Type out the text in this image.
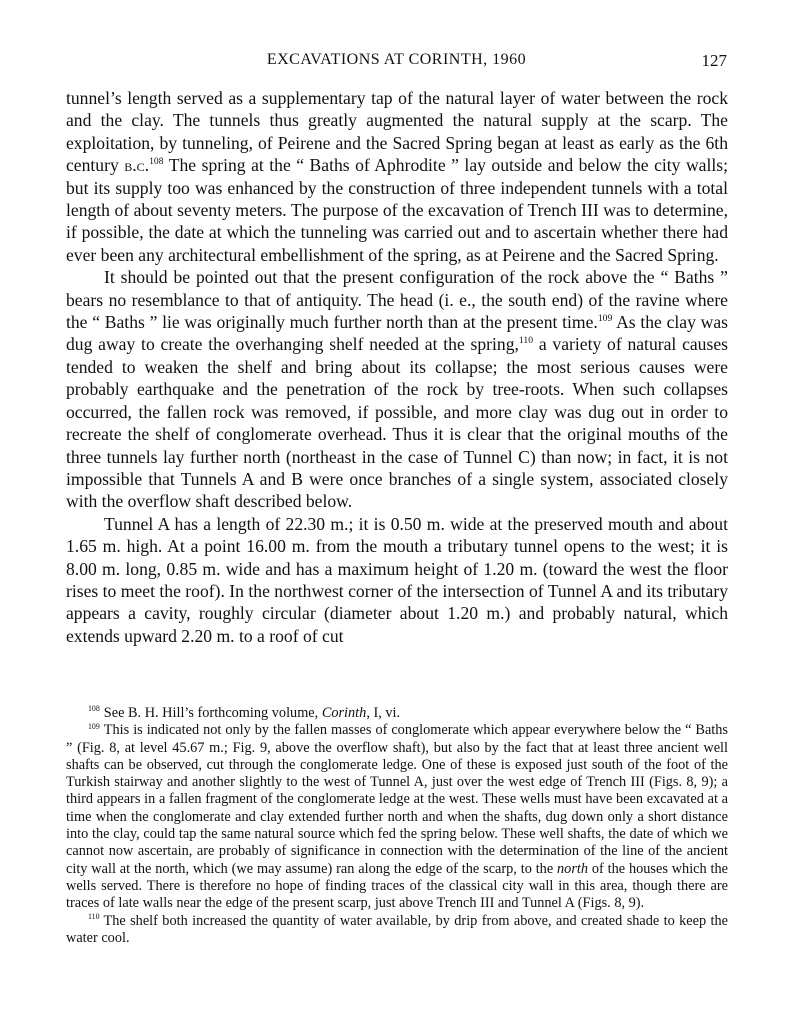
EXCAVATIONS AT CORINTH, 1960	127

tunnel’s length served as a supplementary tap of the natural layer of water between the rock and the clay. The tunnels thus greatly augmented the natural supply at the scarp. The exploitation, by tunneling, of Peirene and the Sacred Spring began at least as early as the 6th century b.c.$^{108}$ The spring at the “ Baths of Aphrodite ” lay outside and below the city walls; but its supply too was enhanced by the construction of three independent tunnels with a total length of about seventy meters. The purpose of the excavation of Trench III was to determine, if possible, the date at which the tunneling was carried out and to ascertain whether there had ever been any architectural embellishment of the spring, as at Peirene and the Sacred Spring.

It should be pointed out that the present configuration of the rock above the “ Baths ” bears no resemblance to that of antiquity. The head (i. e., the south end) of the ravine where the “ Baths ” lie was originally much further north than at the present time.$^{109}$ As the clay was dug away to create the overhanging shelf needed at the spring,$^{110}$ a variety of natural causes tended to weaken the shelf and bring about its collapse; the most serious causes were probably earthquake and the penetration of the rock by tree-roots. When such collapses occurred, the fallen rock was removed, if possible, and more clay was dug out in order to recreate the shelf of conglomerate overhead. Thus it is clear that the original mouths of the three tunnels lay further north (northeast in the case of Tunnel C) than now; in fact, it is not impossible that Tunnels A and B were once branches of a single system, associated closely with the overflow shaft described below.

Tunnel A has a length of 22.30 m.; it is 0.50 m. wide at the preserved mouth and about 1.65 m. high. At a point 16.00 m. from the mouth a tributary tunnel opens to the west; it is 8.00 m. long, 0.85 m. wide and has a maximum height of 1.20 m. (toward the west the floor rises to meet the roof). In the northwest corner of the intersection of Tunnel A and its tributary appears a cavity, roughly circular (diameter about 1.20 m.) and probably natural, which extends upward 2.20 m. to a roof of cut

$^{108}$ See B. H. Hill’s forthcoming volume, Corinth, I, vi.

$^{109}$ This is indicated not only by the fallen masses of conglomerate which appear everywhere below the “ Baths ” (Fig. 8, at level 45.67 m.; Fig. 9, above the overflow shaft), but also by the fact that at least three ancient well shafts can be observed, cut through the conglomerate ledge. One of these is exposed just south of the foot of the Turkish stairway and another slightly to the west of Tunnel A, just over the west edge of Trench III (Figs. 8, 9); a third appears in a fallen fragment of the conglomerate ledge at the west. These wells must have been excavated at a time when the conglomerate and clay extended further north and when the shafts, dug down only a short distance into the clay, could tap the same natural source which fed the spring below. These well shafts, the date of which we cannot now ascertain, are probably of significance in connection with the determination of the line of the ancient city wall at the north, which (we may assume) ran along the edge of the scarp, to the north of the houses which the wells served. There is therefore no hope of finding traces of the classical city wall in this area, though there are traces of late walls near the edge of the present scarp, just above Trench III and Tunnel A (Figs. 8, 9).

$^{110}$ The shelf both increased the quantity of water available, by drip from above, and created shade to keep the water cool.
